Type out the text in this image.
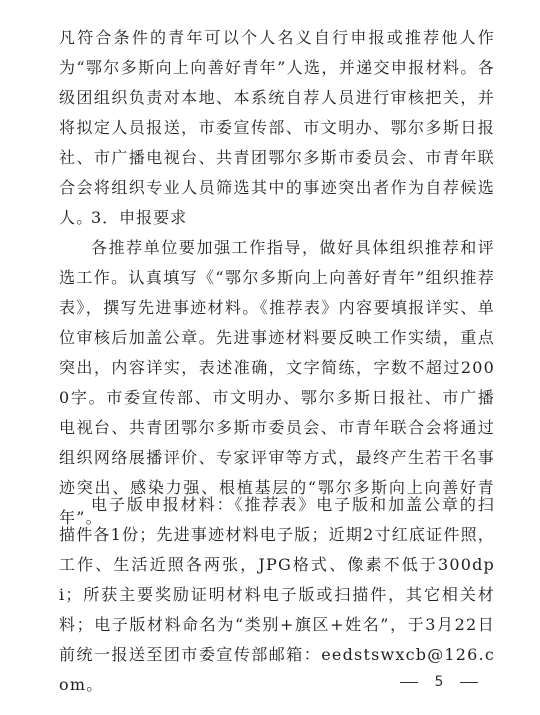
凡符合条件的青年可以个人名义自行申报或推荐他人作为“鄂尔多斯向上向善好青年”人选，并递交申报材料。各级团组织负责对本地、本系统自荐人员进行审核把关，并将拟定人员报送，市委宣传部、市文明办、鄂尔多斯日报社、市广播电视台、共青团鄂尔多斯市委员会、市青年联合会将组织专业人员筛选其中的事迹突出者作为自荐候选人。

3．申报要求

各推荐单位要加强工作指导，做好具体组织推荐和评选工作。认真填写《“鄂尔多斯向上向善好青年”组织推荐表》，撰写先进事迹材料。《推荐表》内容要填报详实、单位审核后加盖公章。先进事迹材料要反映工作实绩，重点突出，内容详实，表述准确，文字简练，字数不超过2000字。市委宣传部、市文明办、鄂尔多斯日报社、市广播电视台、共青团鄂尔多斯市委员会、市青年联合会将通过组织网络展播评价、专家评审等方式，最终产生若干名事迹突出、感染力强、根植基层的“鄂尔多斯向上向善好青年”。

电子版申报材料：《推荐表》电子版和加盖公章的扫描件各1份；先进事迹材料电子版；近期2寸红底证件照，工作、生活近照各两张，JPG格式、像素不低于300dpi；所获主要奖励证明材料电子版或扫描件，其它相关材料；电子版材料命名为“类别+旗区+姓名”，于3月22日前统一报送至团市委宣传部邮箱：eedstswxcb@126.com。	5
